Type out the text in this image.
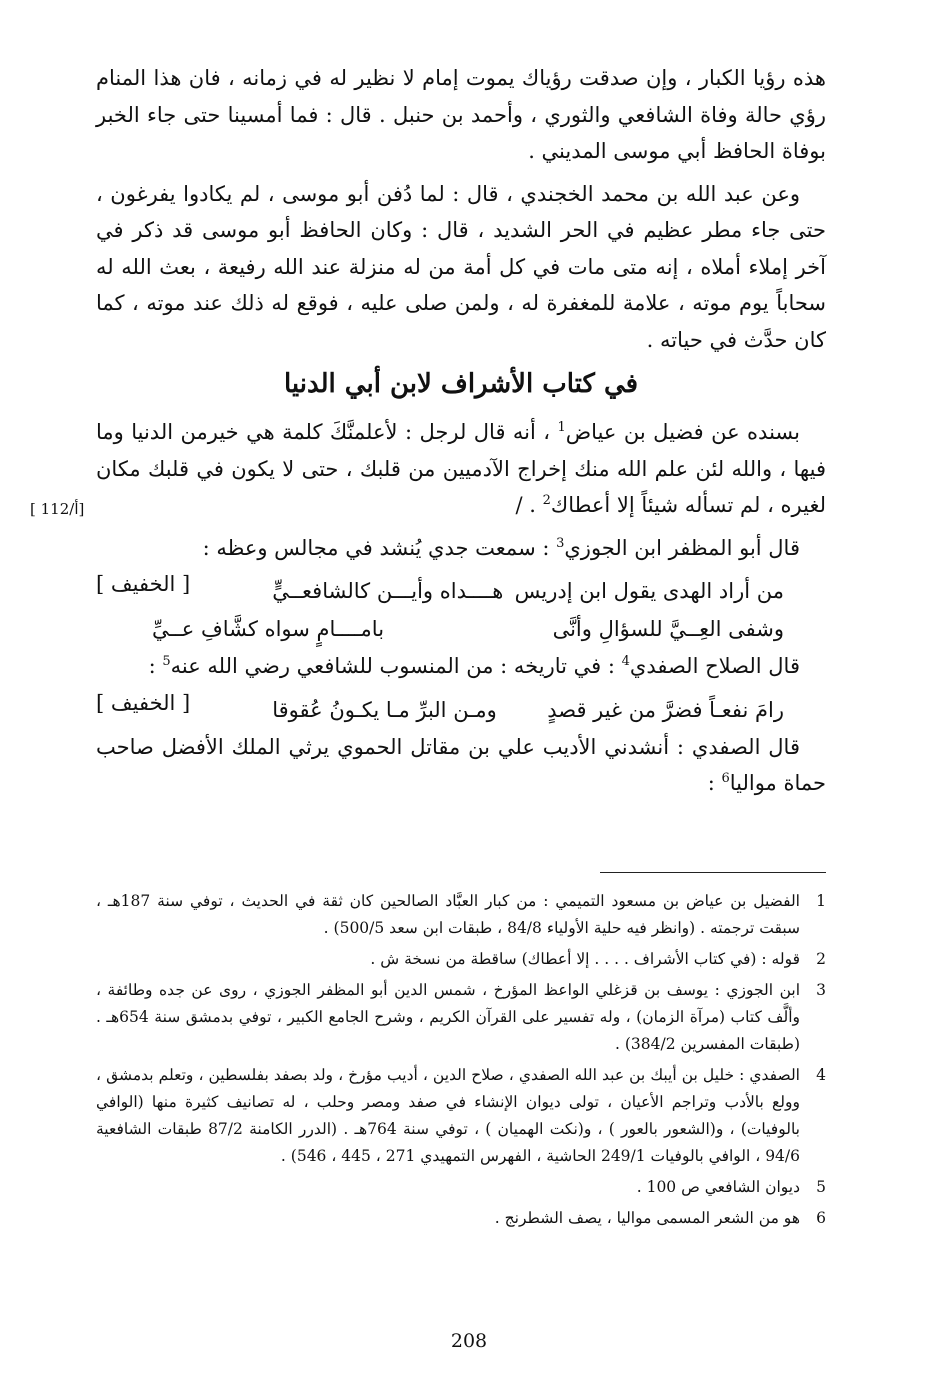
هذه رؤيا الكبار ، وإن صدقت رؤياك يموت إمام لا نظير له في زمانه ، فان هذا المنام رؤي حالة وفاة الشافعي والثوري ، وأحمد بن حنبل . قال : فما أمسينا حتى جاء الخبر بوفاة الحافظ أبي موسى المديني .

وعن عبد الله بن محمد الخجندي ، قال : لما دُفن أبو موسى ، لم يكادوا يفرغون ، حتى جاء مطر عظيم في الحر الشديد ، قال : وكان الحافظ أبو موسى قد ذكر في آخر إملاء أملاه ، إنه متى مات في كل أمة من له منزلة عند الله رفيعة ، بعث الله له سحاباً يوم موته ، علامة للمغفرة له ، ولمن صلى عليه ، فوقع له ذلك عند موته ، كما كان حدَّث في حياته .

في كتاب الأشراف لابن أبي الدنيا

بسنده عن فضيل بن عياض$^1$ ، أنه قال لرجل : لأعلمنَّكَ كلمة هي خيرمن الدنيا وما فيها ، والله لئن علم الله منك إخراج الآدميين من قلبك ، حتى لا يكون في قلبك مكان لغيره ، لم تسأله شيئاً إلا أعطاك$^2$ . /

قال أبو المظفر ابن الجوزي$^3$ : سمعت جدي يُنشد في مجالس وعظه :
[ الخفيف ]	من أراد الهدى يقول ابن إدريس
هــــداه وأيـــن كالشافعــيٍّ
وشفى العِــيَّ للسؤالِ وأنَّى
بامــــامٍ سواه كشَّافِ عــيِّ

قال الصلاح الصفدي$^4$ : في تاريخه : من المنسوب للشافعي رضي الله عنه$^5$ :
[ الخفيف ]	رامَ نفعـاً فضرَّ من غير قصدٍ
ومـن البرِّ مـا يكـونُ عُقوقا

قال الصفدي : أنشدني الأديب علي بن مقاتل الحموي يرثي الملك الأفضل صاحب حماة مواليا$^6$ :

[ 112/أ]
1
الفضيل بن عياض بن مسعود التميمي : من كبار العبَّاد الصالحين كان ثقة في الحديث ، توفي سنة 187هـ ، سبقت ترجمته . (وانظر فيه حلية الأولياء 84/8 ، طبقات ابن سعد 500/5) .
2
قوله : (في كتاب الأشراف . . . . إلا أعطاك) ساقطة من نسخة ش .
3
ابن الجوزي : يوسف بن قزغلي الواعظ المؤرخ ، شمس الدين أبو المظفر الجوزي ، روى عن جده وطائفة ، وألَّف كتاب (مرآة الزمان) ، وله تفسير على القرآن الكريم ، وشرح الجامع الكبير ، توفي بدمشق سنة 654هـ . (طبقات المفسرين 384/2) .
4
الصفدي : خليل بن أيبك بن عبد الله الصفدي ، صلاح الدين ، أديب مؤرخ ، ولد بصفد بفلسطين ، وتعلم بدمشق ، وولع بالأدب وتراجم الأعيان ، تولى ديوان الإنشاء في صفد ومصر وحلب ، له تصانيف كثيرة منها (الوافي بالوفيات) ، و(الشعور بالعور ) ، و(نكت الهميان ) ، توفي سنة 764هـ . (الدرر الكامنة 87/2 طبقات الشافعية 94/6 ، الوافي بالوفيات 249/1 الحاشية ، الفهرس التمهيدي 271 ، 445 ، 546) .
5
ديوان الشافعي ص 100 .
6
هو من الشعر المسمى مواليا ، يصف الشطرنج .
208
